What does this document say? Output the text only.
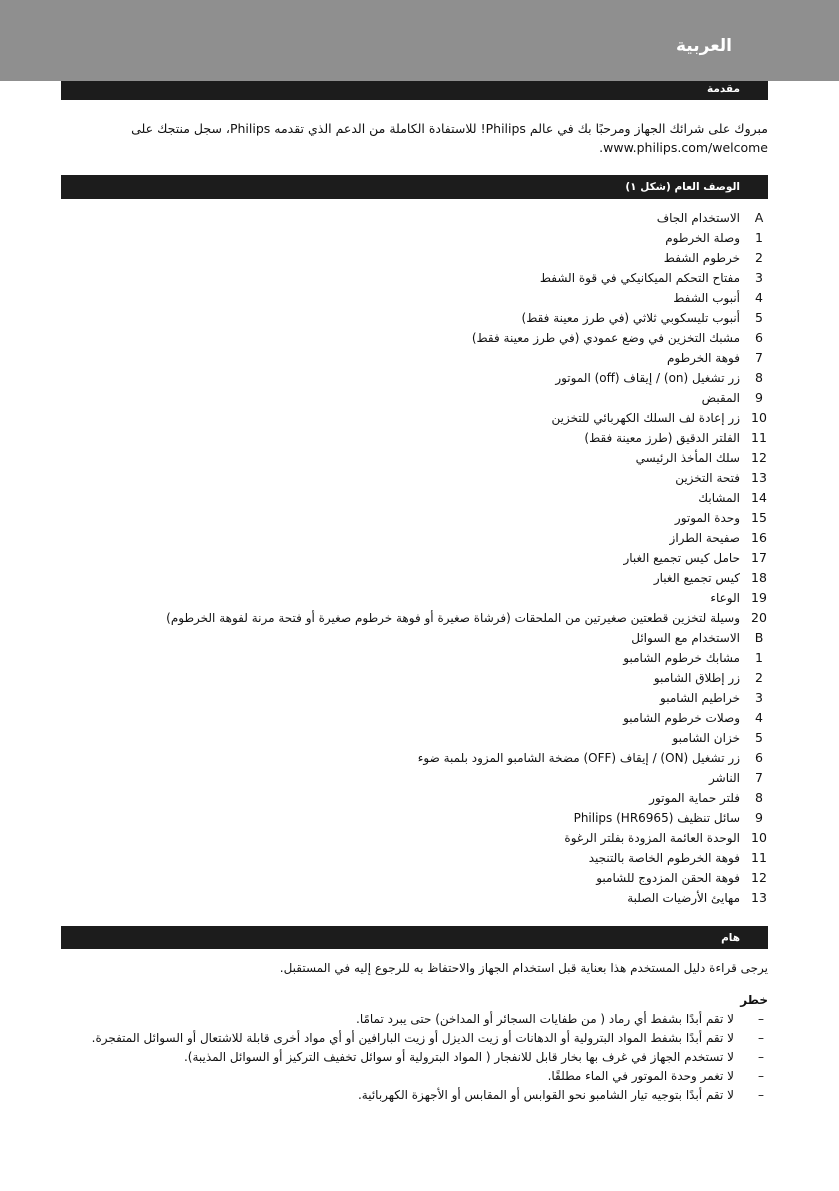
العربية
مقدمة
مبروك على شرائك الجهاز ومرحبًا بك في عالم Philips! للاستفادة الكاملة من الدعم الذي تقدمه Philips، سجل منتجك على
www.philips.com/welcome.
الوصف العام (شكل ١)
A
الاستخدام الجاف
1
وصلة الخرطوم
2
خرطوم الشفط
3
مفتاح التحكم الميكانيكي في قوة الشفط
4
أنبوب الشفط
5
أنبوب تليسكوبي ثلاثي (في طرز معينة فقط)
6
مشبك التخزين في وضع عمودي (في طرز معينة فقط)
7
فوهة الخرطوم
8
زر تشغيل (on) / إيقاف (off) الموتور
9
المقبض
10
زر إعادة لف السلك الكهربائي للتخزين
11
الفلتر الدقيق (طرز معينة فقط)
12
سلك المأخذ الرئيسي
13
فتحة التخزين
14
المشابك
15
وحدة الموتور
16
صفيحة الطراز
17
حامل كيس تجميع الغبار
18
كيس تجميع الغبار
19
الوعاء
20
وسيلة لتخزين قطعتين صغيرتين من الملحقات (فرشاة صغيرة أو فوهة خرطوم صغيرة أو فتحة مرنة لفوهة الخرطوم)
B
الاستخدام مع السوائل
1
مشابك خرطوم الشامبو
2
زر إطلاق الشامبو
3
خراطيم الشامبو
4
وصلات خرطوم الشامبو
5
خزان الشامبو
6
زر تشغيل (ON) / إيقاف (OFF) مضخة الشامبو المزود بلمبة ضوء
7
الناشر
8
فلتر حماية الموتور
9
سائل تنظيف (HR6965) Philips
10
الوحدة العائمة المزودة بفلتر الرغوة
11
فوهة الخرطوم الخاصة بالتنجيد
12
فوهة الحقن المزدوج للشامبو
13
مهايئ الأرضيات الصلبة
هام
يرجى قراءة دليل المستخدم هذا بعناية قبل استخدام الجهاز والاحتفاظ به للرجوع إليه في المستقبل.
خطر
–
لا تقم أبدًا بشفط أي رماد ( من طفايات السجائر أو المداخن) حتى يبرد تمامًا.
–
لا تقم أبدًا بشفط المواد البترولية أو الدهانات أو زيت الديزل أو زيت البارافين أو أي مواد أخرى قابلة للاشتعال أو السوائل المتفجرة.
–
لا تستخدم الجهاز في غرف بها بخار قابل للانفجار ( المواد البترولية أو سوائل تخفيف التركيز أو السوائل المذيبة).
–
لا تغمر وحدة الموتور في الماء مطلقًا.
–
لا تقم أبدًا بتوجيه تيار الشامبو نحو القوابس أو المقابس أو الأجهزة الكهربائية.
